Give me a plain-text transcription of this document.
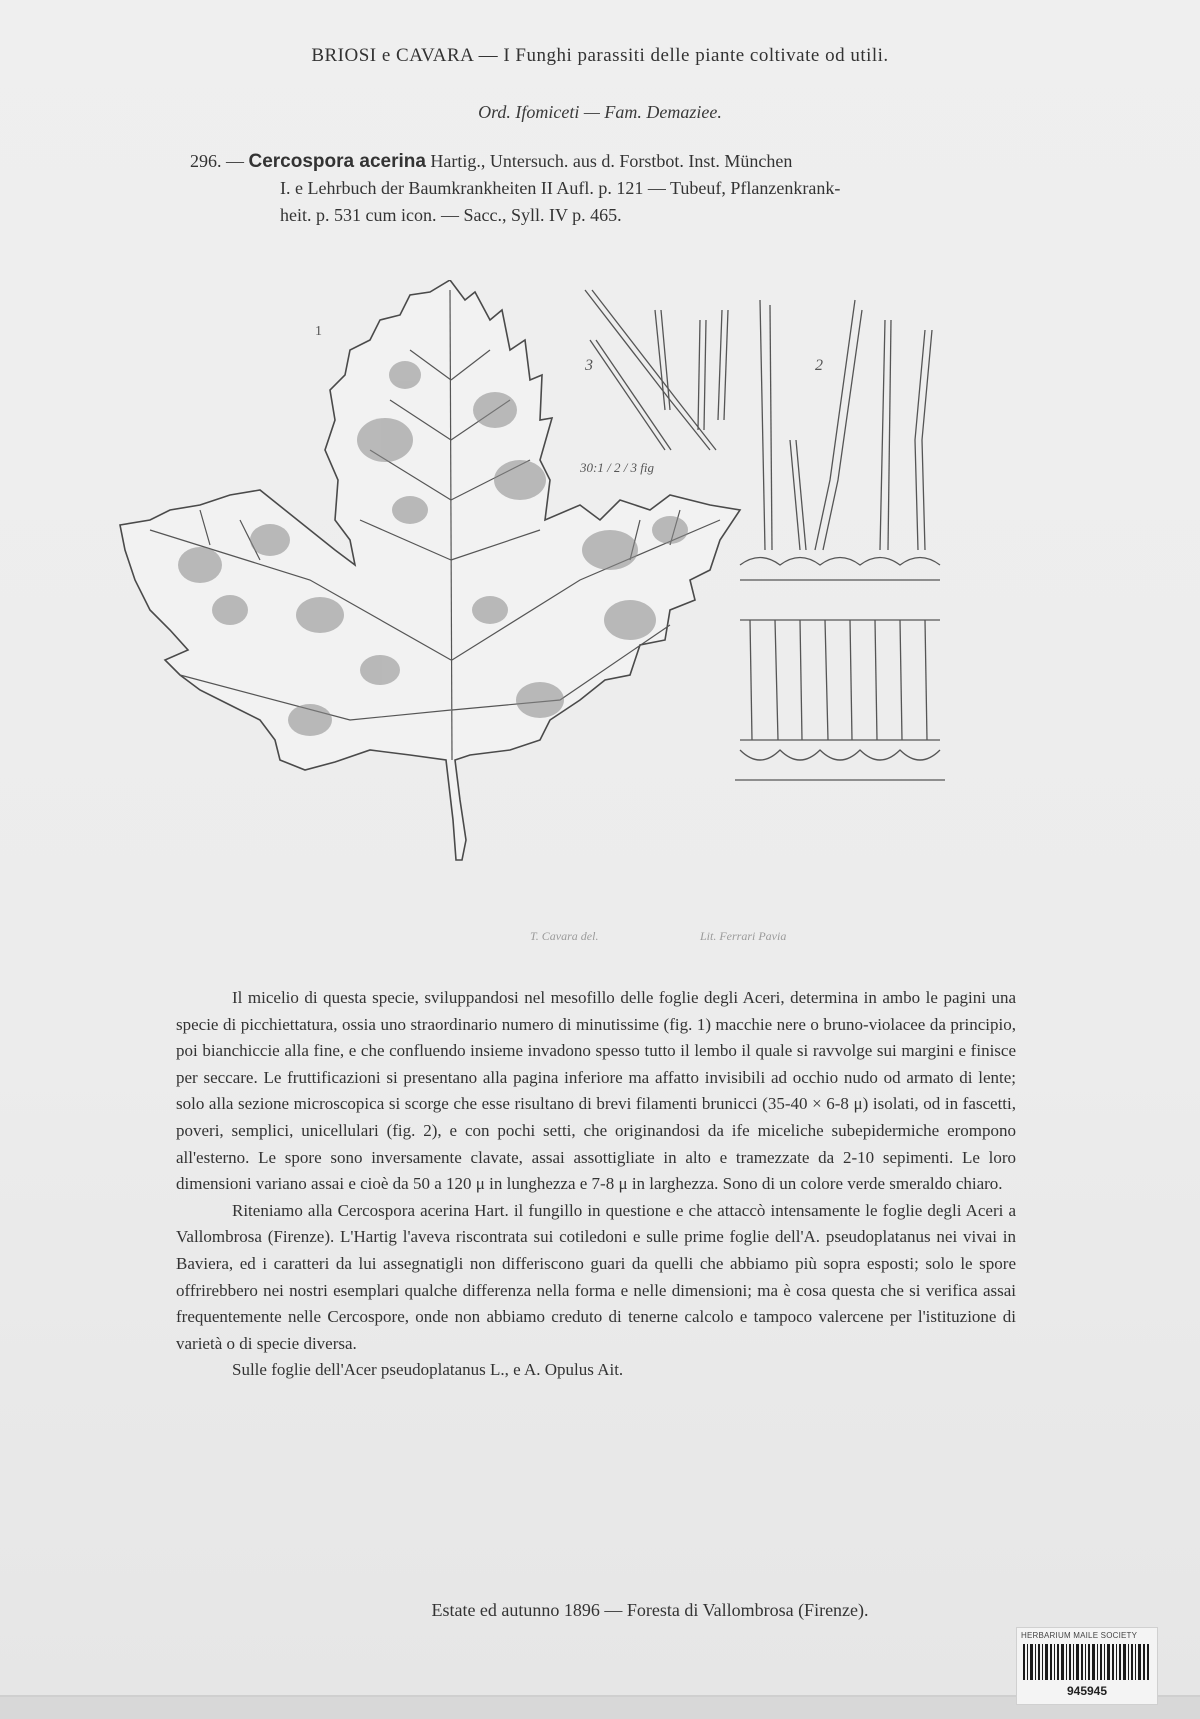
BRIOSI e CAVARA — I Funghi parassiti delle piante coltivate od utili.
Ord. Ifomiceti — Fam. Demaziee.
296. — Cercospora acerina Hartig., Untersuch. aus d. Forstbot. Inst. München
I. e Lehrbuch der Baumkrankheiten II Aufl. p. 121 — Tubeuf, Pflanzenkrank-
heit. p. 531 cum icon. — Sacc., Syll. IV p. 465.
1
3	2
30:1 / 2 / 3 fig
T. Cavara del.	Lit. Ferrari Pavia

Il micelio di questa specie, sviluppandosi nel mesofillo delle foglie degli Aceri, determina in ambo le pagini una specie di picchiettatura, ossia uno straordinario numero di minutissime (fig. 1) macchie nere o bruno-violacee da principio, poi bianchiccie alla fine, e che confluendo insieme invadono spesso tutto il lembo il quale si ravvolge sui margini e finisce per seccare. Le fruttificazioni si presentano alla pagina inferiore ma affatto invisibili ad occhio nudo od armato di lente; solo alla sezione microscopica si scorge che esse risultano di brevi filamenti brunicci (35-40 × 6-8 μ) isolati, od in fascetti, poveri, semplici, unicellulari (fig. 2), e con pochi setti, che originandosi da ife miceliche subepidermiche erompono all'esterno. Le spore sono inversamente clavate, assai assottigliate in alto e tramezzate da 2-10 sepimenti. Le loro dimensioni variano assai e cioè da 50 a 120 μ in lunghezza e 7-8 μ in larghezza. Sono di un colore verde smeraldo chiaro.

Riteniamo alla Cercospora acerina Hart. il fungillo in questione e che attaccò intensamente le foglie degli Aceri a Vallombrosa (Firenze). L'Hartig l'aveva riscontrata sui cotiledoni e sulle prime foglie dell'A. pseudoplatanus nei vivai in Baviera, ed i caratteri da lui assegnatigli non differiscono guari da quelli che abbiamo più sopra esposti; solo le spore offrirebbero nei nostri esemplari qualche differenza nella forma e nelle dimensioni; ma è cosa questa che si verifica assai frequentemente nelle Cercospore, onde non abbiamo creduto di tenerne calcolo e tampoco valercene per l'istituzione di varietà o di specie diversa.

Sulle foglie dell'Acer pseudoplatanus L., e A. Opulus Ait.

Estate ed autunno 1896 — Foresta di Vallombrosa (Firenze).
HERBARIUM MAILE SOCIETY
945945
